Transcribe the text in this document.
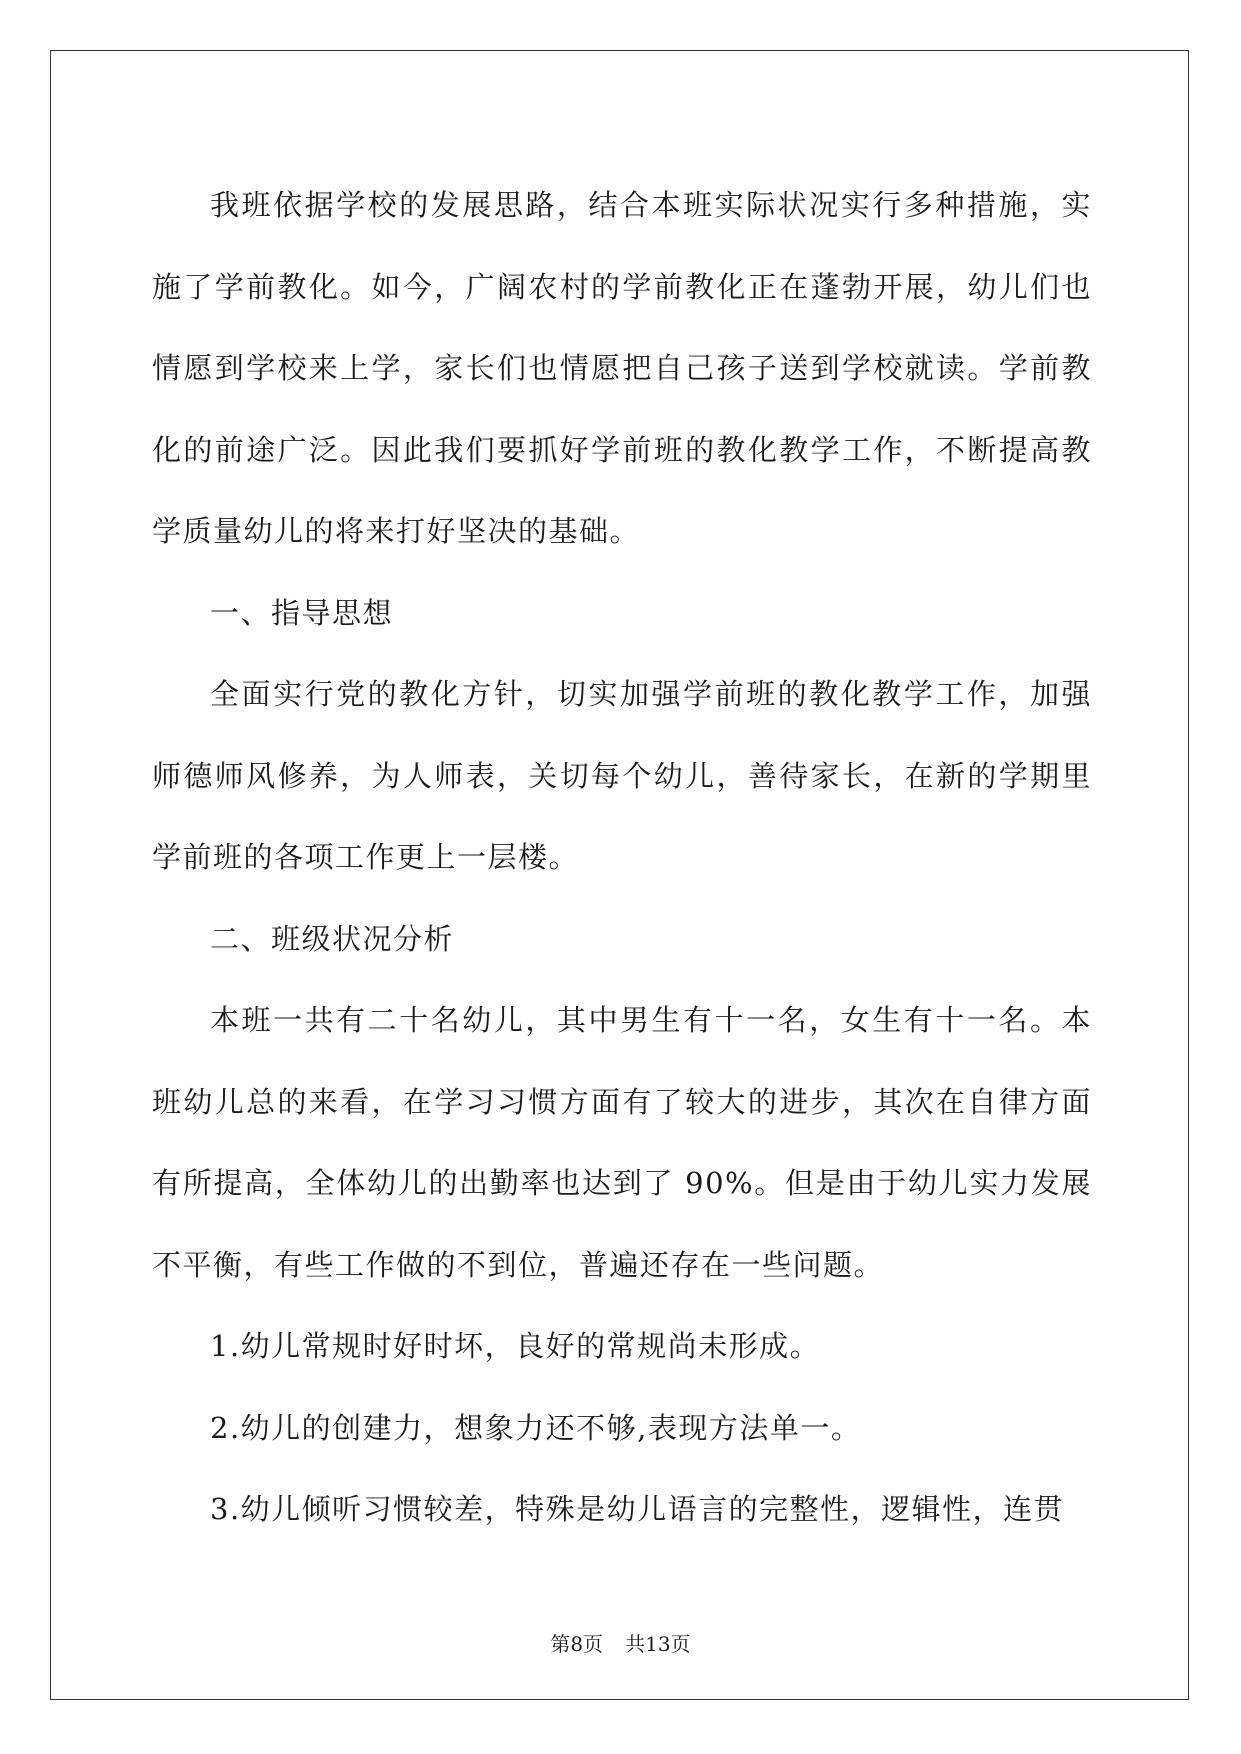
我班依据学校的发展思路，结合本班实际状况实行多种措施，实施了学前教化。如今，广阔农村的学前教化正在蓬勃开展，幼儿们也情愿到学校来上学，家长们也情愿把自己孩子送到学校就读。学前教化的前途广泛。因此我们要抓好学前班的教化教学工作，不断提高教学质量幼儿的将来打好坚决的基础。

一、指导思想

全面实行党的教化方针，切实加强学前班的教化教学工作，加强师德师风修养，为人师表，关切每个幼儿，善待家长，在新的学期里学前班的各项工作更上一层楼。

二、班级状况分析

本班一共有二十名幼儿，其中男生有十一名，女生有十一名。本班幼儿总的来看，在学习习惯方面有了较大的进步，其次在自律方面有所提高，全体幼儿的出勤率也达到了 90%。但是由于幼儿实力发展不平衡，有些工作做的不到位，普遍还存在一些问题。

1.幼儿常规时好时坏，良好的常规尚未形成。

2.幼儿的创建力，想象力还不够,表现方法单一。

3.幼儿倾听习惯较差，特殊是幼儿语言的完整性，逻辑性，连贯

第8页 共13页
